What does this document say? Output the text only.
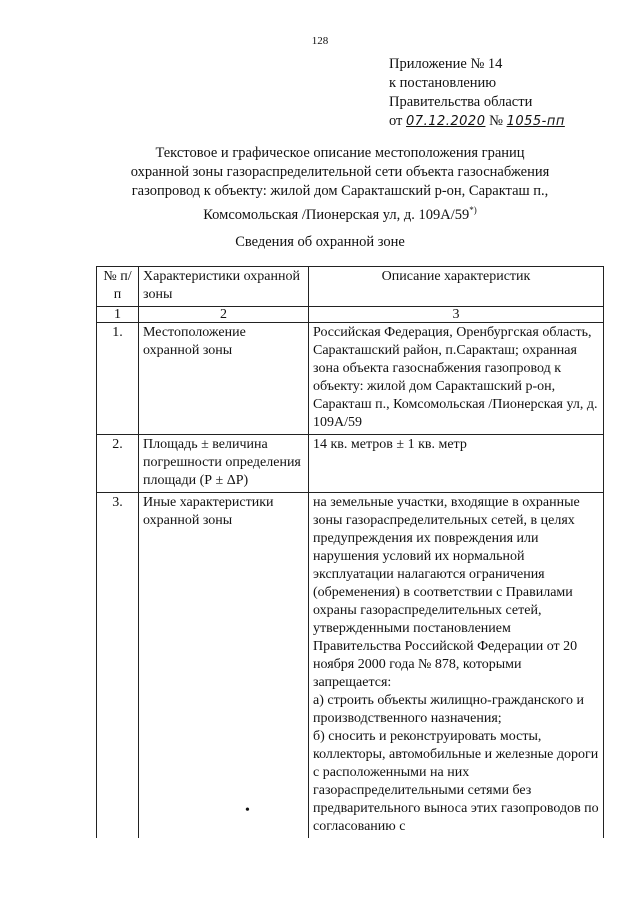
128
Приложение № 14
к постановлению
Правительства области
от 07.12.2020 № 1055-пп
Текстовое и графическое описание местоположения границ
охранной зоны газораспределительной сети объекта газоснабжения
газопровод к объекту: жилой дом Саракташский р-он, Саракташ п.,
Комсомольская /Пионерская ул, д. 109А/59*)
Сведения об охранной зоне
№ п/п	Характеристики охранной зоны	Описание характеристик
1	2	3
1.	Местоположение охранной зоны	Российская Федерация, Оренбургская область, Саракташский район, п.Саракташ; охранная зона объекта газоснабжения газопровод к объекту: жилой дом Саракташский р-он, Саракташ п., Комсомольская /Пионерская ул, д. 109А/59
2.	Площадь ± величина погрешности определения площади (Р ± ΔР)	14 кв. метров ± 1 кв. метр
3.	Иные характеристики охранной зоны	на земельные участки, входящие в охранные зоны газораспределительных сетей, в целях предупреждения их повреждения или нарушения условий их нормальной эксплуатации налагаются ограничения (обременения) в соответствии с Правилами охраны газораспределительных сетей, утвержденными постановлением Правительства Российской Федерации от 20 ноября 2000 года № 878, которыми запрещается:
а) строить объекты жилищно-гражданского и производственного назначения;
б) сносить и реконструировать мосты, коллекторы, автомобильные и железные дороги с расположенными на них газораспределительными сетями без предварительного выноса этих газопроводов по согласованию с
•
